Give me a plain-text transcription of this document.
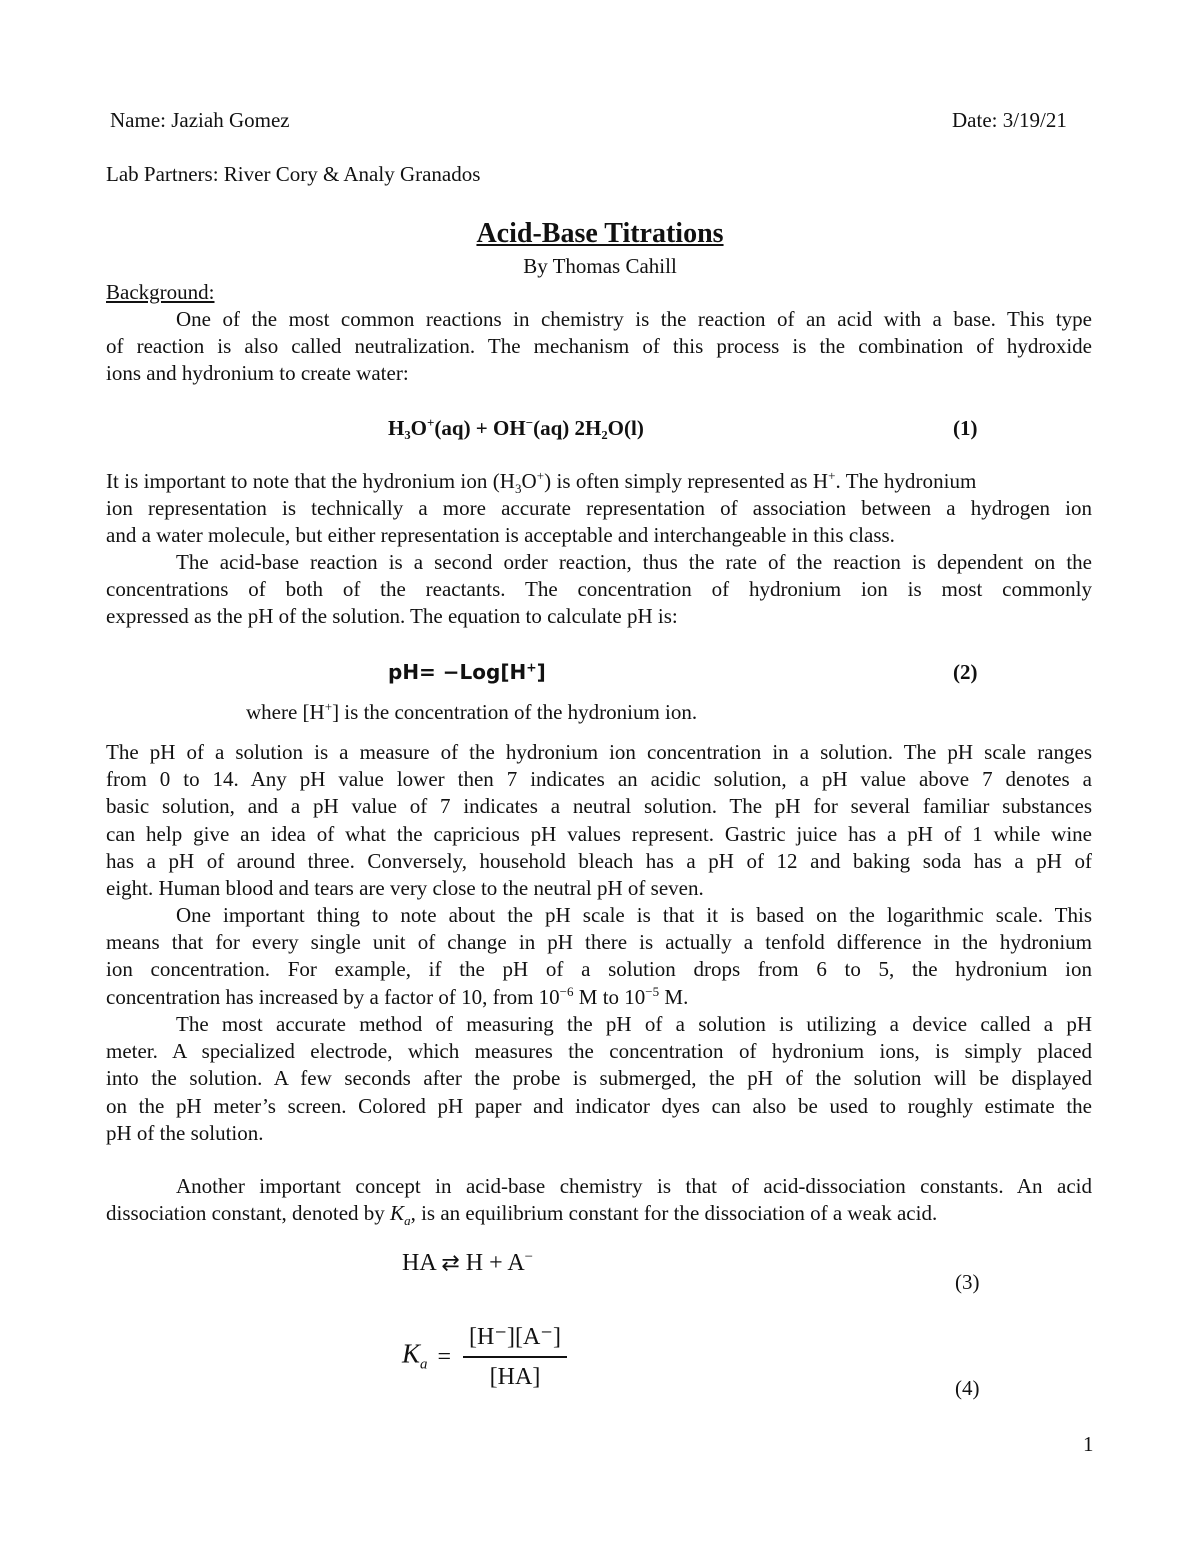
Name: Jaziah Gomez	Date: 3/19/21
Lab Partners: River Cory & Analy Granados
Acid-Base Titrations
By Thomas Cahill
Background:
One of the most common reactions in chemistry is the reaction of an acid with a base. This type
of reaction is also called neutralization. The mechanism of this process is the combination of hydroxide
ions and hydronium to create water:
H₃O+(aq) + OH−(aq) 2H₂O(l)	(1)
It is important to note that the hydronium ion $(H_3O^+)$ is often simply represented as H+. The hydronium
ion representation is technically a more accurate representation of association between a hydrogen ion
and a water molecule, but either representation is acceptable and interchangeable in this class.
The acid-base reaction is a second order reaction, thus the rate of the reaction is dependent on the
concentrations of both of the reactants. The concentration of hydronium ion is most commonly
expressed as the pH of the solution. The equation to calculate pH is:
pH= −Log[H+]	(2)
where [H+] is the concentration of the hydronium ion.
The pH of a solution is a measure of the hydronium ion concentration in a solution. The pH scale ranges
from 0 to 14. Any pH value lower then 7 indicates an acidic solution, a pH value above 7 denotes a
basic solution, and a pH value of 7 indicates a neutral solution. The pH for several familiar substances
can help give an idea of what the capricious pH values represent. Gastric juice has a pH of 1 while wine
has a pH of around three. Conversely, household bleach has a pH of 12 and baking soda has a pH of
eight. Human blood and tears are very close to the neutral pH of seven.
One important thing to note about the pH scale is that it is based on the logarithmic scale. This
means that for every single unit of change in pH there is actually a tenfold difference in the hydronium
ion concentration. For example, if the pH of a solution drops from 6 to 5, the hydronium ion
concentration has increased by a factor of 10, from $10^{-6}$ M to $10^{-5}$ M.
The most accurate method of measuring the pH of a solution is utilizing a device called a pH
meter. A specialized electrode, which measures the concentration of hydronium ions, is simply placed
into the solution. A few seconds after the probe is submerged, the pH of the solution will be displayed
on the pH meter’s screen. Colored pH paper and indicator dyes can also be used to roughly estimate the
pH of the solution.
Another important concept in acid-base chemistry is that of acid-dissociation constants. An acid
dissociation constant, denoted by $K_a$, is an equilibrium constant for the dissociation of a weak acid.
HA ⇄ H + A−
(3)
$K_a = \frac{[H^-][A^-]}{[HA]}$	(4)
1
